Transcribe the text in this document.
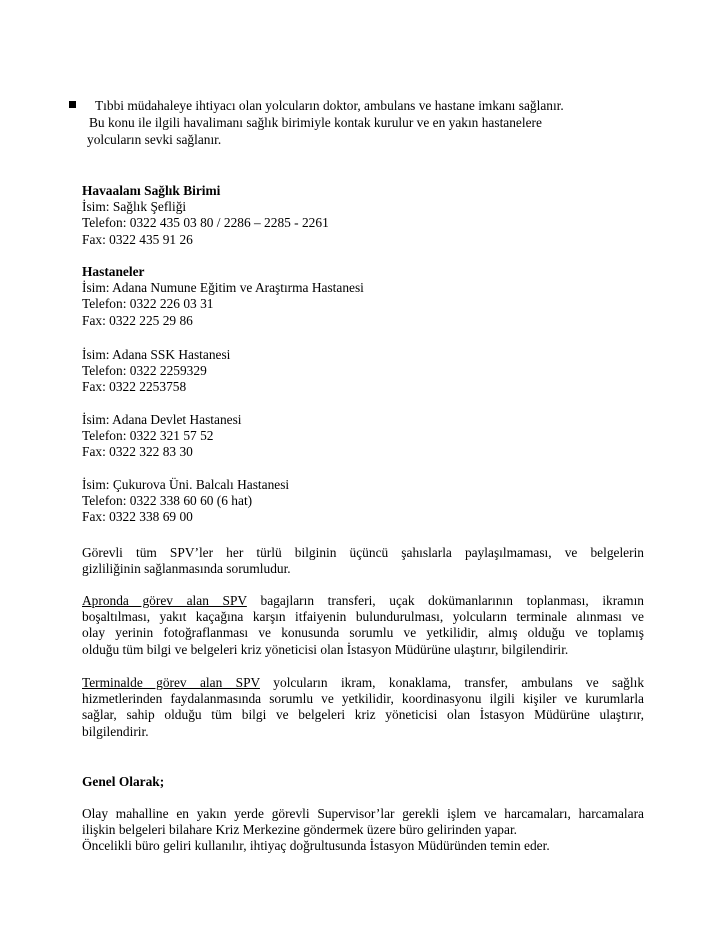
Tıbbi müdahaleye ihtiyacı olan yolcuların doktor, ambulans ve hastane imkanı sağlanır.
Bu konu ile ilgili havalimanı sağlık birimiyle kontak kurulur ve en yakın hastanelere
yolcuların sevki sağlanır.
Havaalanı Sağlık Birimi
İsim: Sağlık Şefliği
Telefon: 0322 435 03 80 / 2286 – 2285 - 2261
Fax: 0322 435 91 26
Hastaneler
İsim: Adana Numune Eğitim ve Araştırma Hastanesi
Telefon: 0322 226 03 31
Fax: 0322 225 29 86
İsim: Adana SSK Hastanesi
Telefon: 0322 2259329
Fax: 0322 2253758
İsim: Adana Devlet Hastanesi
Telefon: 0322 321 57 52
Fax: 0322 322 83 30
İsim: Çukurova Üni. Balcalı Hastanesi
Telefon: 0322 338 60 60 (6 hat)
Fax: 0322 338 69 00
Görevli tüm SPV’ler her türlü bilginin üçüncü şahıslarla paylaşılmaması, ve belgelerin
gizliliğinin sağlanmasında sorumludur.
Apronda görev alan SPV bagajların transferi, uçak dokümanlarının toplanması, ikramın
boşaltılması, yakıt kaçağına karşın itfaiyenin bulundurulması, yolcuların terminale alınması ve
olay yerinin fotoğraflanması ve konusunda sorumlu ve yetkilidir, almış olduğu ve toplamış
olduğu tüm bilgi ve belgeleri kriz yöneticisi olan İstasyon Müdürüne ulaştırır, bilgilendirir.
Terminalde görev alan SPV yolcuların ikram, konaklama, transfer, ambulans ve sağlık
hizmetlerinden faydalanmasında sorumlu ve yetkilidir, koordinasyonu ilgili kişiler ve kurumlarla
sağlar, sahip olduğu tüm bilgi ve belgeleri kriz yöneticisi olan İstasyon Müdürüne ulaştırır,
bilgilendirir.
Genel Olarak;
Olay mahalline en yakın yerde görevli Supervisor’lar gerekli işlem ve harcamaları, harcamalara
ilişkin belgeleri bilahare Kriz Merkezine göndermek üzere büro gelirinden yapar.
Öncelikli büro geliri kullanılır, ihtiyaç doğrultusunda İstasyon Müdüründen temin eder.
